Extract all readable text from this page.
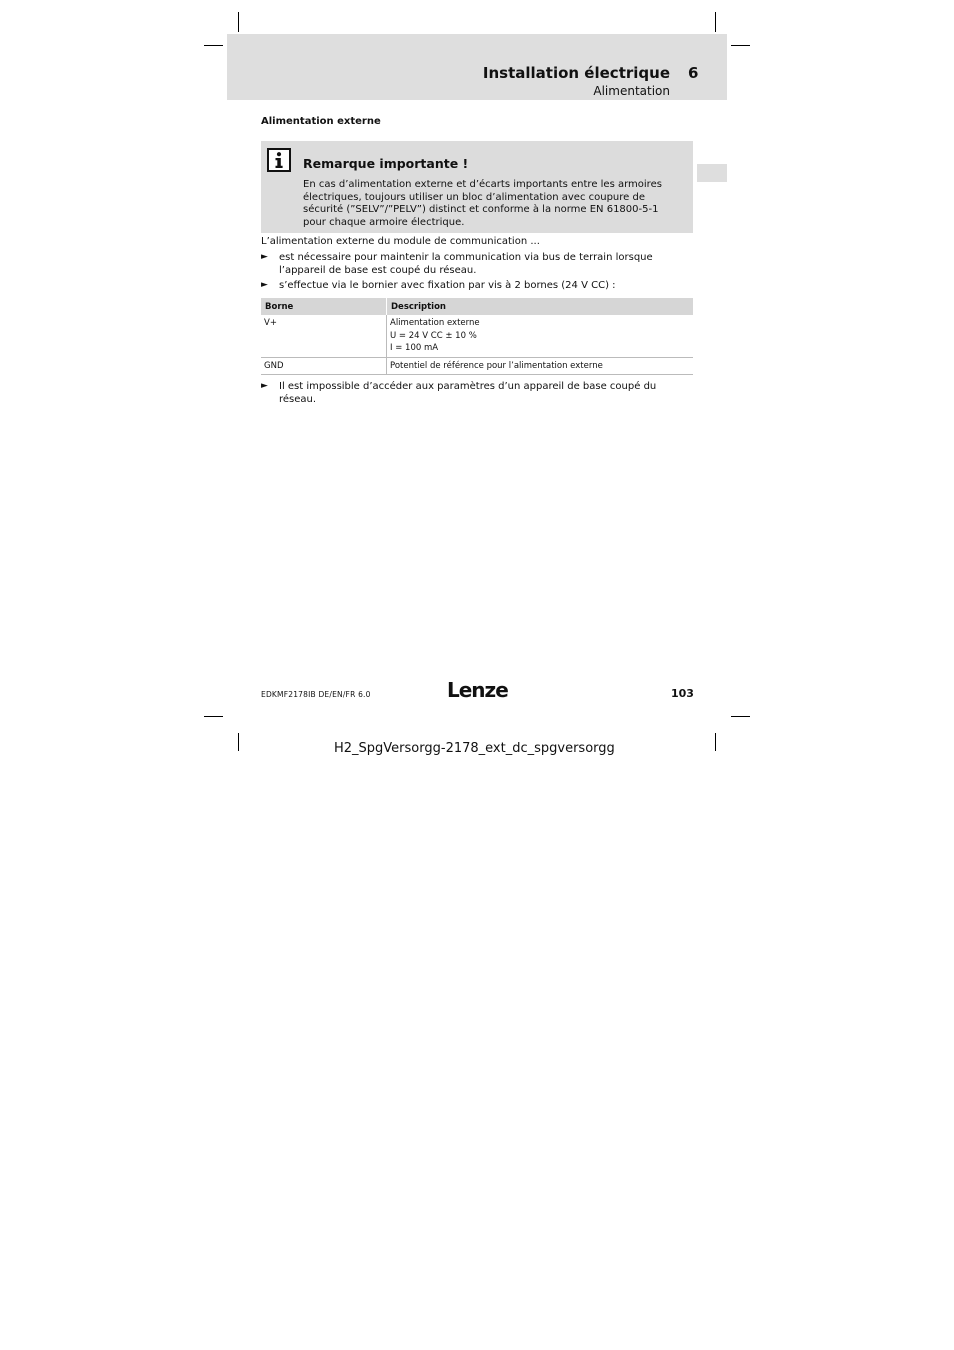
Installation électrique 6
Alimentation
Alimentation externe
Remarque importante !
En cas d’alimentation externe et d’écarts importants entre les armoires électriques, toujours utiliser un bloc d’alimentation avec coupure de sécurité (”SELV”/”PELV”) distinct et conforme à la norme EN 61800-5-1 pour chaque armoire électrique.
L’alimentation externe du module de communication ...
► est nécessaire pour maintenir la communication via bus de terrain lorsque l’appareil de base est coupé du réseau.
► s’effectue via le bornier avec fixation par vis à 2 bornes (24 V CC) :
Borne	Description
V+	Alimentation externe
U = 24 V CC ± 10 %
I = 100 mA

GND	Potentiel de référence pour l’alimentation externe
► Il est impossible d’accéder aux paramètres d’un appareil de base coupé du réseau.
EDKMF2178IB DE/EN/FR 6.0	Lenze	103
H2_SpgVersorgg-2178_ext_dc_spgversorgg
